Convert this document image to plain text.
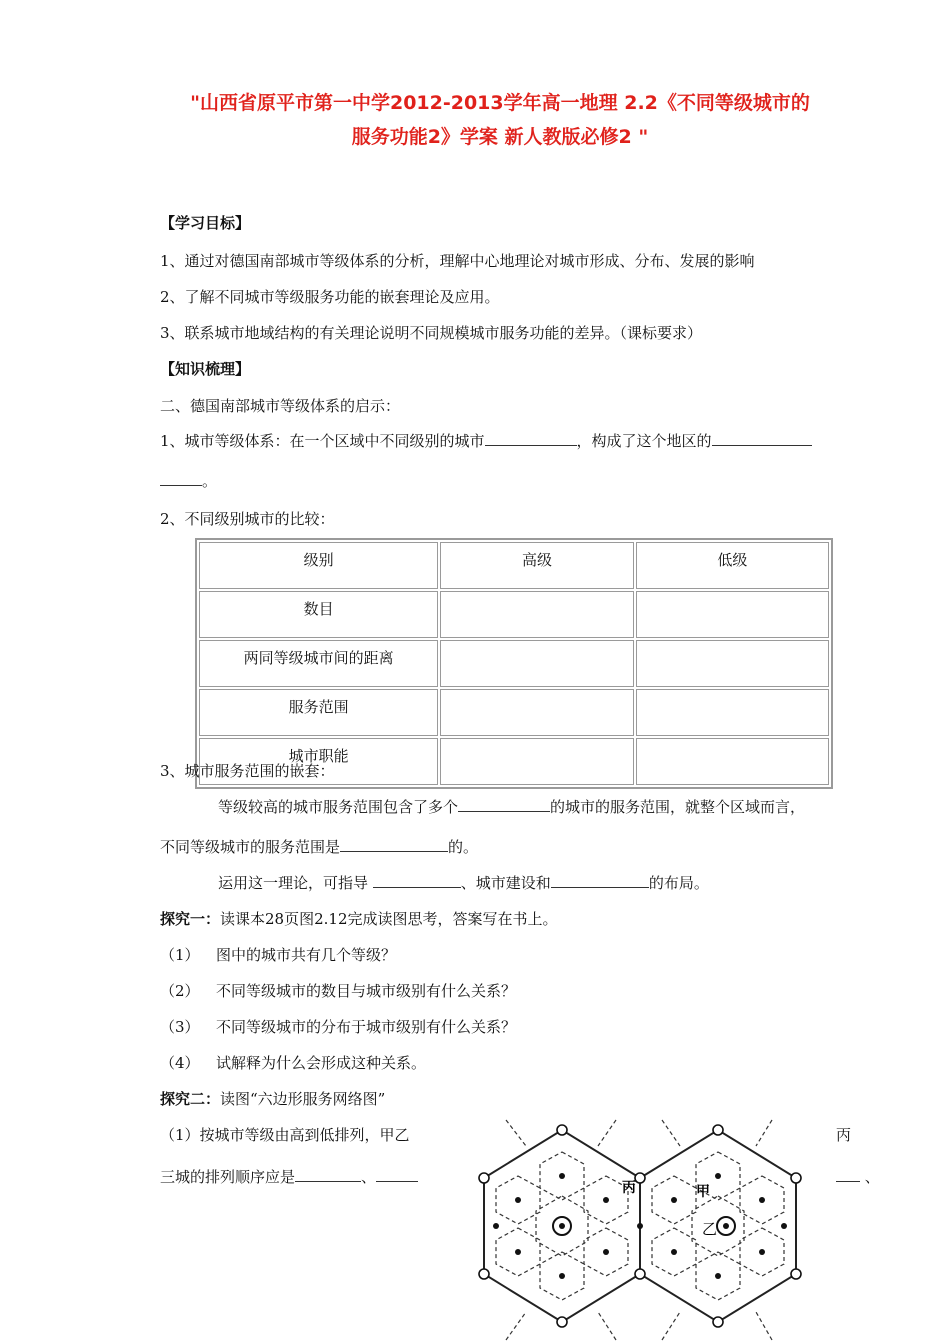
"山西省原平市第一中学2012-2013学年高一地理 2.2《不同等级城市的
服务功能2》学案 新人教版必修2 "
【学习目标】
1、通过对德国南部城市等级体系的分析，理解中心地理论对城市形成、分布、发展的影响
2、了解不同城市等级服务功能的嵌套理论及应用。
3、联系城市地域结构的有关理论说明不同规模城市服务功能的差异。（课标要求）
【知识梳理】
二、德国南部城市等级体系的启示：
1、城市等级体系：在一个区域中不同级别的城市	，构成了这个地区的
。
2、不同级别城市的比较：
级别	高级	低级
数目		
两同等级城市间的距离		
服务范围		
城市职能		
3、城市服务范围的嵌套：
等级较高的城市服务范围包含了多个	的城市的服务范围，就整个区域而言，
不同等级城市的服务范围是	的。
运用这一理论，可指导	、城市建设和	的布局。
探究一：读课本28页图2.12完成读图思考，答案写在书上。
（1） 图中的城市共有几个等级？
（2） 不同等级城市的数目与城市级别有什么关系？
（3） 不同等级城市的分布于城市级别有什么关系？
（4） 试解释为什么会形成这种关系。
探究二：读图“六边形服务网络图”
（1）按城市等级由高到低排列，甲乙	丙
三城的排列顺序应是	、	、
丙	甲
乙
